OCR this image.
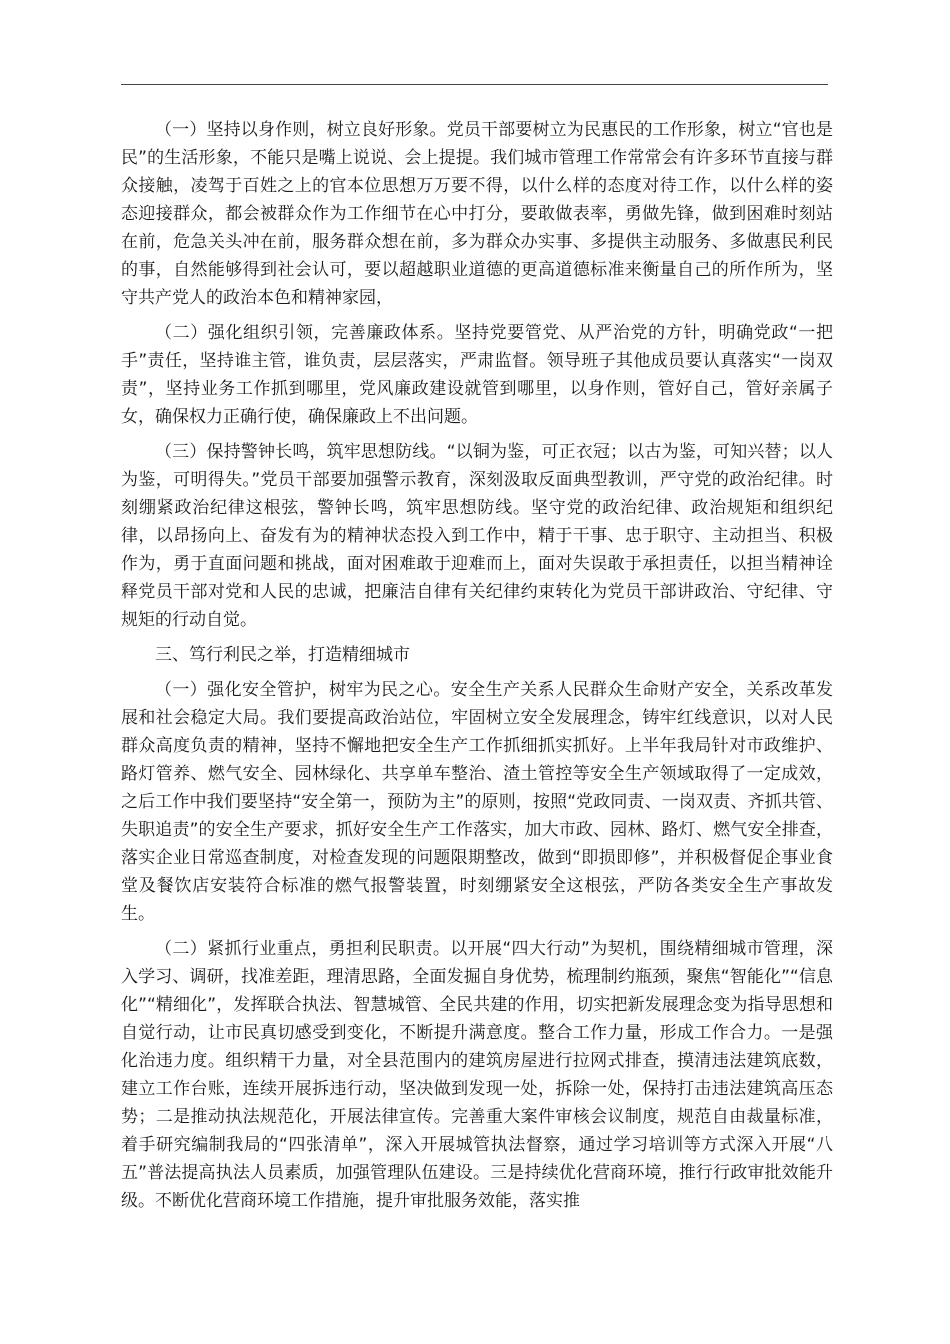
（一）坚持以身作则，树立良好形象。党员干部要树立为民惠民的工作形象，树立“官也是民”的生活形象，不能只是嘴上说说、会上提提。我们城市管理工作常常会有许多环节直接与群众接触，凌驾于百姓之上的官本位思想万万要不得，以什么样的态度对待工作，以什么样的姿态迎接群众，都会被群众作为工作细节在心中打分，要敢做表率，勇做先锋，做到困难时刻站在前，危急关头冲在前，服务群众想在前，多为群众办实事、多提供主动服务、多做惠民利民的事，自然能够得到社会认可，要以超越职业道德的更高道德标准来衡量自己的所作所为，坚守共产党人的政治本色和精神家园，

（二）强化组织引领，完善廉政体系。坚持党要管党、从严治党的方针，明确党政“一把手”责任，坚持谁主管，谁负责，层层落实，严肃监督。领导班子其他成员要认真落实“一岗双责”，坚持业务工作抓到哪里，党风廉政建设就管到哪里，以身作则，管好自己，管好亲属子女，确保权力正确行使，确保廉政上不出问题。

（三）保持警钟长鸣，筑牢思想防线。“以铜为鉴，可正衣冠；以古为鉴，可知兴替；以人为鉴，可明得失。”党员干部要加强警示教育，深刻汲取反面典型教训，严守党的政治纪律。时刻绷紧政治纪律这根弦，警钟长鸣，筑牢思想防线。坚守党的政治纪律、政治规矩和组织纪律，以昂扬向上、奋发有为的精神状态投入到工作中，精于干事、忠于职守、主动担当、积极作为，勇于直面问题和挑战，面对困难敢于迎难而上，面对失误敢于承担责任，以担当精神诠释党员干部对党和人民的忠诚，把廉洁自律有关纪律约束转化为党员干部讲政治、守纪律、守规矩的行动自觉。

三、笃行利民之举，打造精细城市

（一）强化安全管护，树牢为民之心。安全生产关系人民群众生命财产安全，关系改革发展和社会稳定大局。我们要提高政治站位，牢固树立安全发展理念，铸牢红线意识，以对人民群众高度负责的精神，坚持不懈地把安全生产工作抓细抓实抓好。上半年我局针对市政维护、路灯管养、燃气安全、园林绿化、共享单车整治、渣土管控等安全生产领域取得了一定成效，之后工作中我们要坚持“安全第一，预防为主”的原则，按照“党政同责、一岗双责、齐抓共管、失职追责”的安全生产要求，抓好安全生产工作落实，加大市政、园林、路灯、燃气安全排查，落实企业日常巡查制度，对检查发现的问题限期整改，做到“即损即修”，并积极督促企事业食堂及餐饮店安装符合标准的燃气报警装置，时刻绷紧安全这根弦，严防各类安全生产事故发生。

（二）紧抓行业重点，勇担利民职责。以开展“四大行动”为契机，围绕精细城市管理，深入学习、调研，找准差距，理清思路，全面发掘自身优势，梳理制约瓶颈，聚焦“智能化”“信息化”“精细化”，发挥联合执法、智慧城管、全民共建的作用，切实把新发展理念变为指导思想和自觉行动，让市民真切感受到变化，不断提升满意度。整合工作力量，形成工作合力。一是强化治违力度。组织精干力量，对全县范围内的建筑房屋进行拉网式排查，摸清违法建筑底数，建立工作台账，连续开展拆违行动，坚决做到发现一处，拆除一处，保持打击违法建筑高压态势；二是推动执法规范化，开展法律宣传。完善重大案件审核会议制度，规范自由裁量标准，着手研究编制我局的“四张清单”，深入开展城管执法督察，通过学习培训等方式深入开展“八五”普法提高执法人员素质，加强管理队伍建设。三是持续优化营商环境，推行行政审批效能升级。不断优化营商环境工作措施，提升审批服务效能，落实推
